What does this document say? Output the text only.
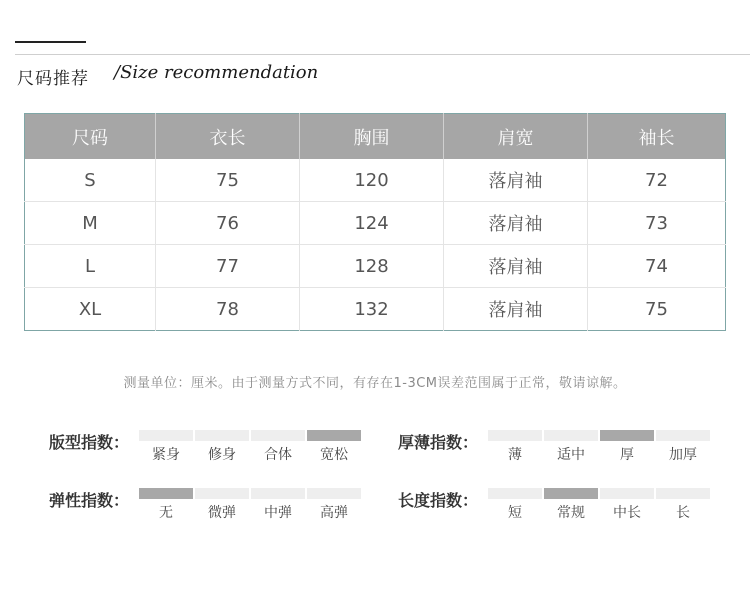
尺码推荐 /Size recommendation
尺码	衣长	胸围	肩宽	袖长
S	75	120	落肩袖	72
M	76	124	落肩袖	73
L	77	128	落肩袖	74
XL	78	132	落肩袖	75
测量单位：厘米。由于测量方式不同，有存在1-3CM误差范围属于正常，敬请谅解。
版型指数：
紧身	修身	合体	宽松
厚薄指数：
薄	适中	厚	加厚
弹性指数：
无	微弹	中弹	高弹
长度指数：
短	常规	中长	长
